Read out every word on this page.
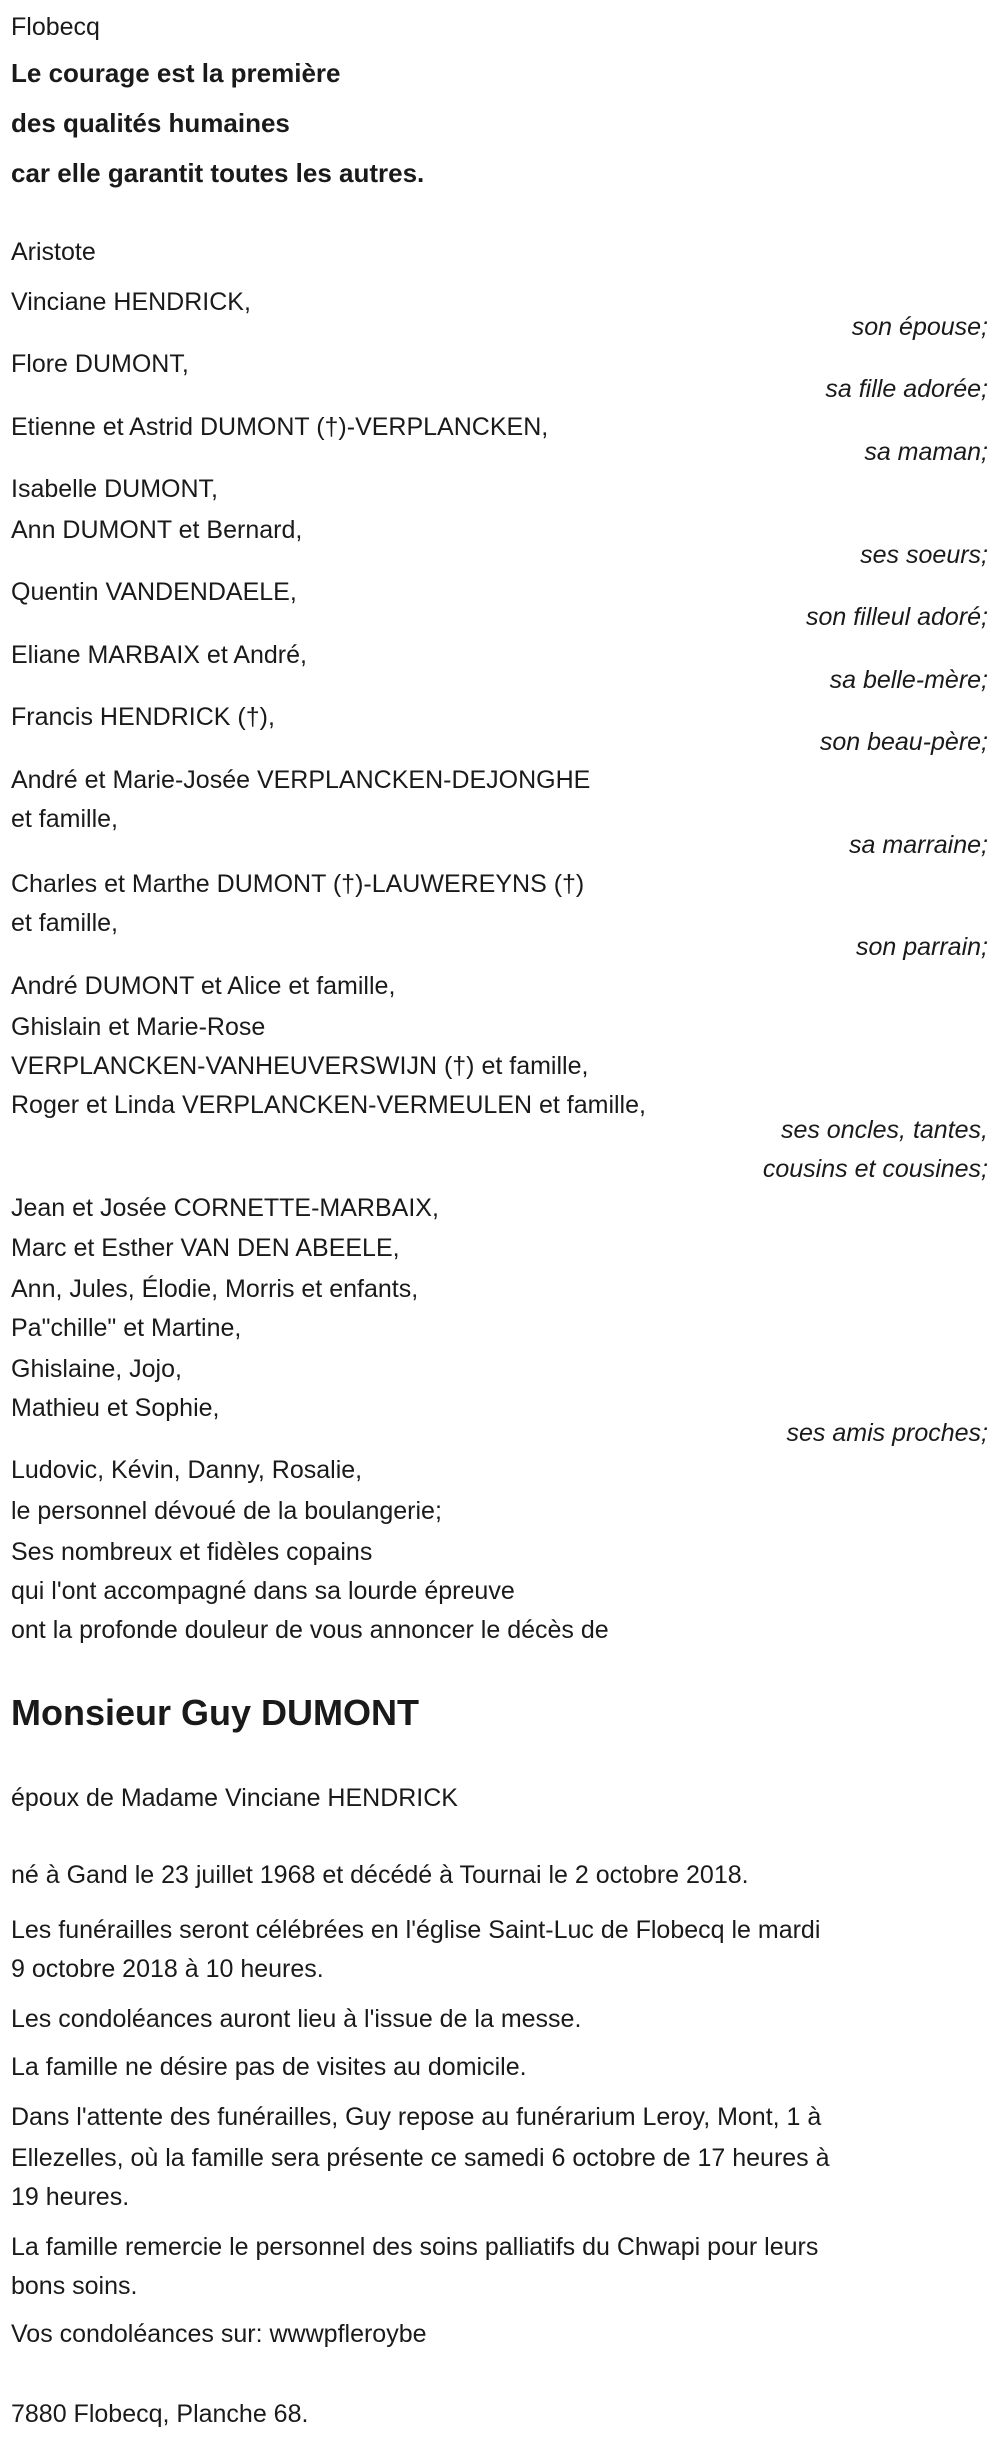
Flobecq
Le courage est la première
des qualités humaines
car elle garantit toutes les autres.
Aristote
Vinciane HENDRICK,
son épouse;
Flore DUMONT,
sa fille adorée;
Etienne et Astrid DUMONT (†)-VERPLANCKEN,
sa maman;
Isabelle DUMONT,
Ann DUMONT et Bernard,
ses soeurs;
Quentin VANDENDAELE,
son filleul adoré;
Eliane MARBAIX et André,
sa belle-mère;
Francis HENDRICK (†),
son beau-père;
André et Marie-Josée VERPLANCKEN-DEJONGHE
et famille,
sa marraine;
Charles et Marthe DUMONT (†)-LAUWEREYNS (†)
et famille,
son parrain;
André DUMONT et Alice et famille,
Ghislain et Marie-Rose
VERPLANCKEN-VANHEUVERSWIJN (†) et famille,
Roger et Linda VERPLANCKEN-VERMEULEN et famille,
ses oncles, tantes,
cousins et cousines;
Jean et Josée CORNETTE-MARBAIX,
Marc et Esther VAN DEN ABEELE,
Ann, Jules, Élodie, Morris et enfants,
Pa"chille" et Martine,
Ghislaine, Jojo,
Mathieu et Sophie,
ses amis proches;
Ludovic, Kévin, Danny, Rosalie,
le personnel dévoué de la boulangerie;
Ses nombreux et fidèles copains
qui l'ont accompagné dans sa lourde épreuve
ont la profonde douleur de vous annoncer le décès de
Monsieur Guy DUMONT
époux de Madame Vinciane HENDRICK
né à Gand le 23 juillet 1968 et décédé à Tournai le 2 octobre 2018.
Les funérailles seront célébrées en l'église Saint-Luc de Flobecq le mardi
9 octobre 2018 à 10 heures.
Les condoléances auront lieu à l'issue de la messe.
La famille ne désire pas de visites au domicile.
Dans l'attente des funérailles, Guy repose au funérarium Leroy, Mont, 1 à
Ellezelles, où la famille sera présente ce samedi 6 octobre de 17 heures à
19 heures.
La famille remercie le personnel des soins palliatifs du Chwapi pour leurs
bons soins.
Vos condoléances sur: wwwpfleroybe
7880 Flobecq, Planche 68.
